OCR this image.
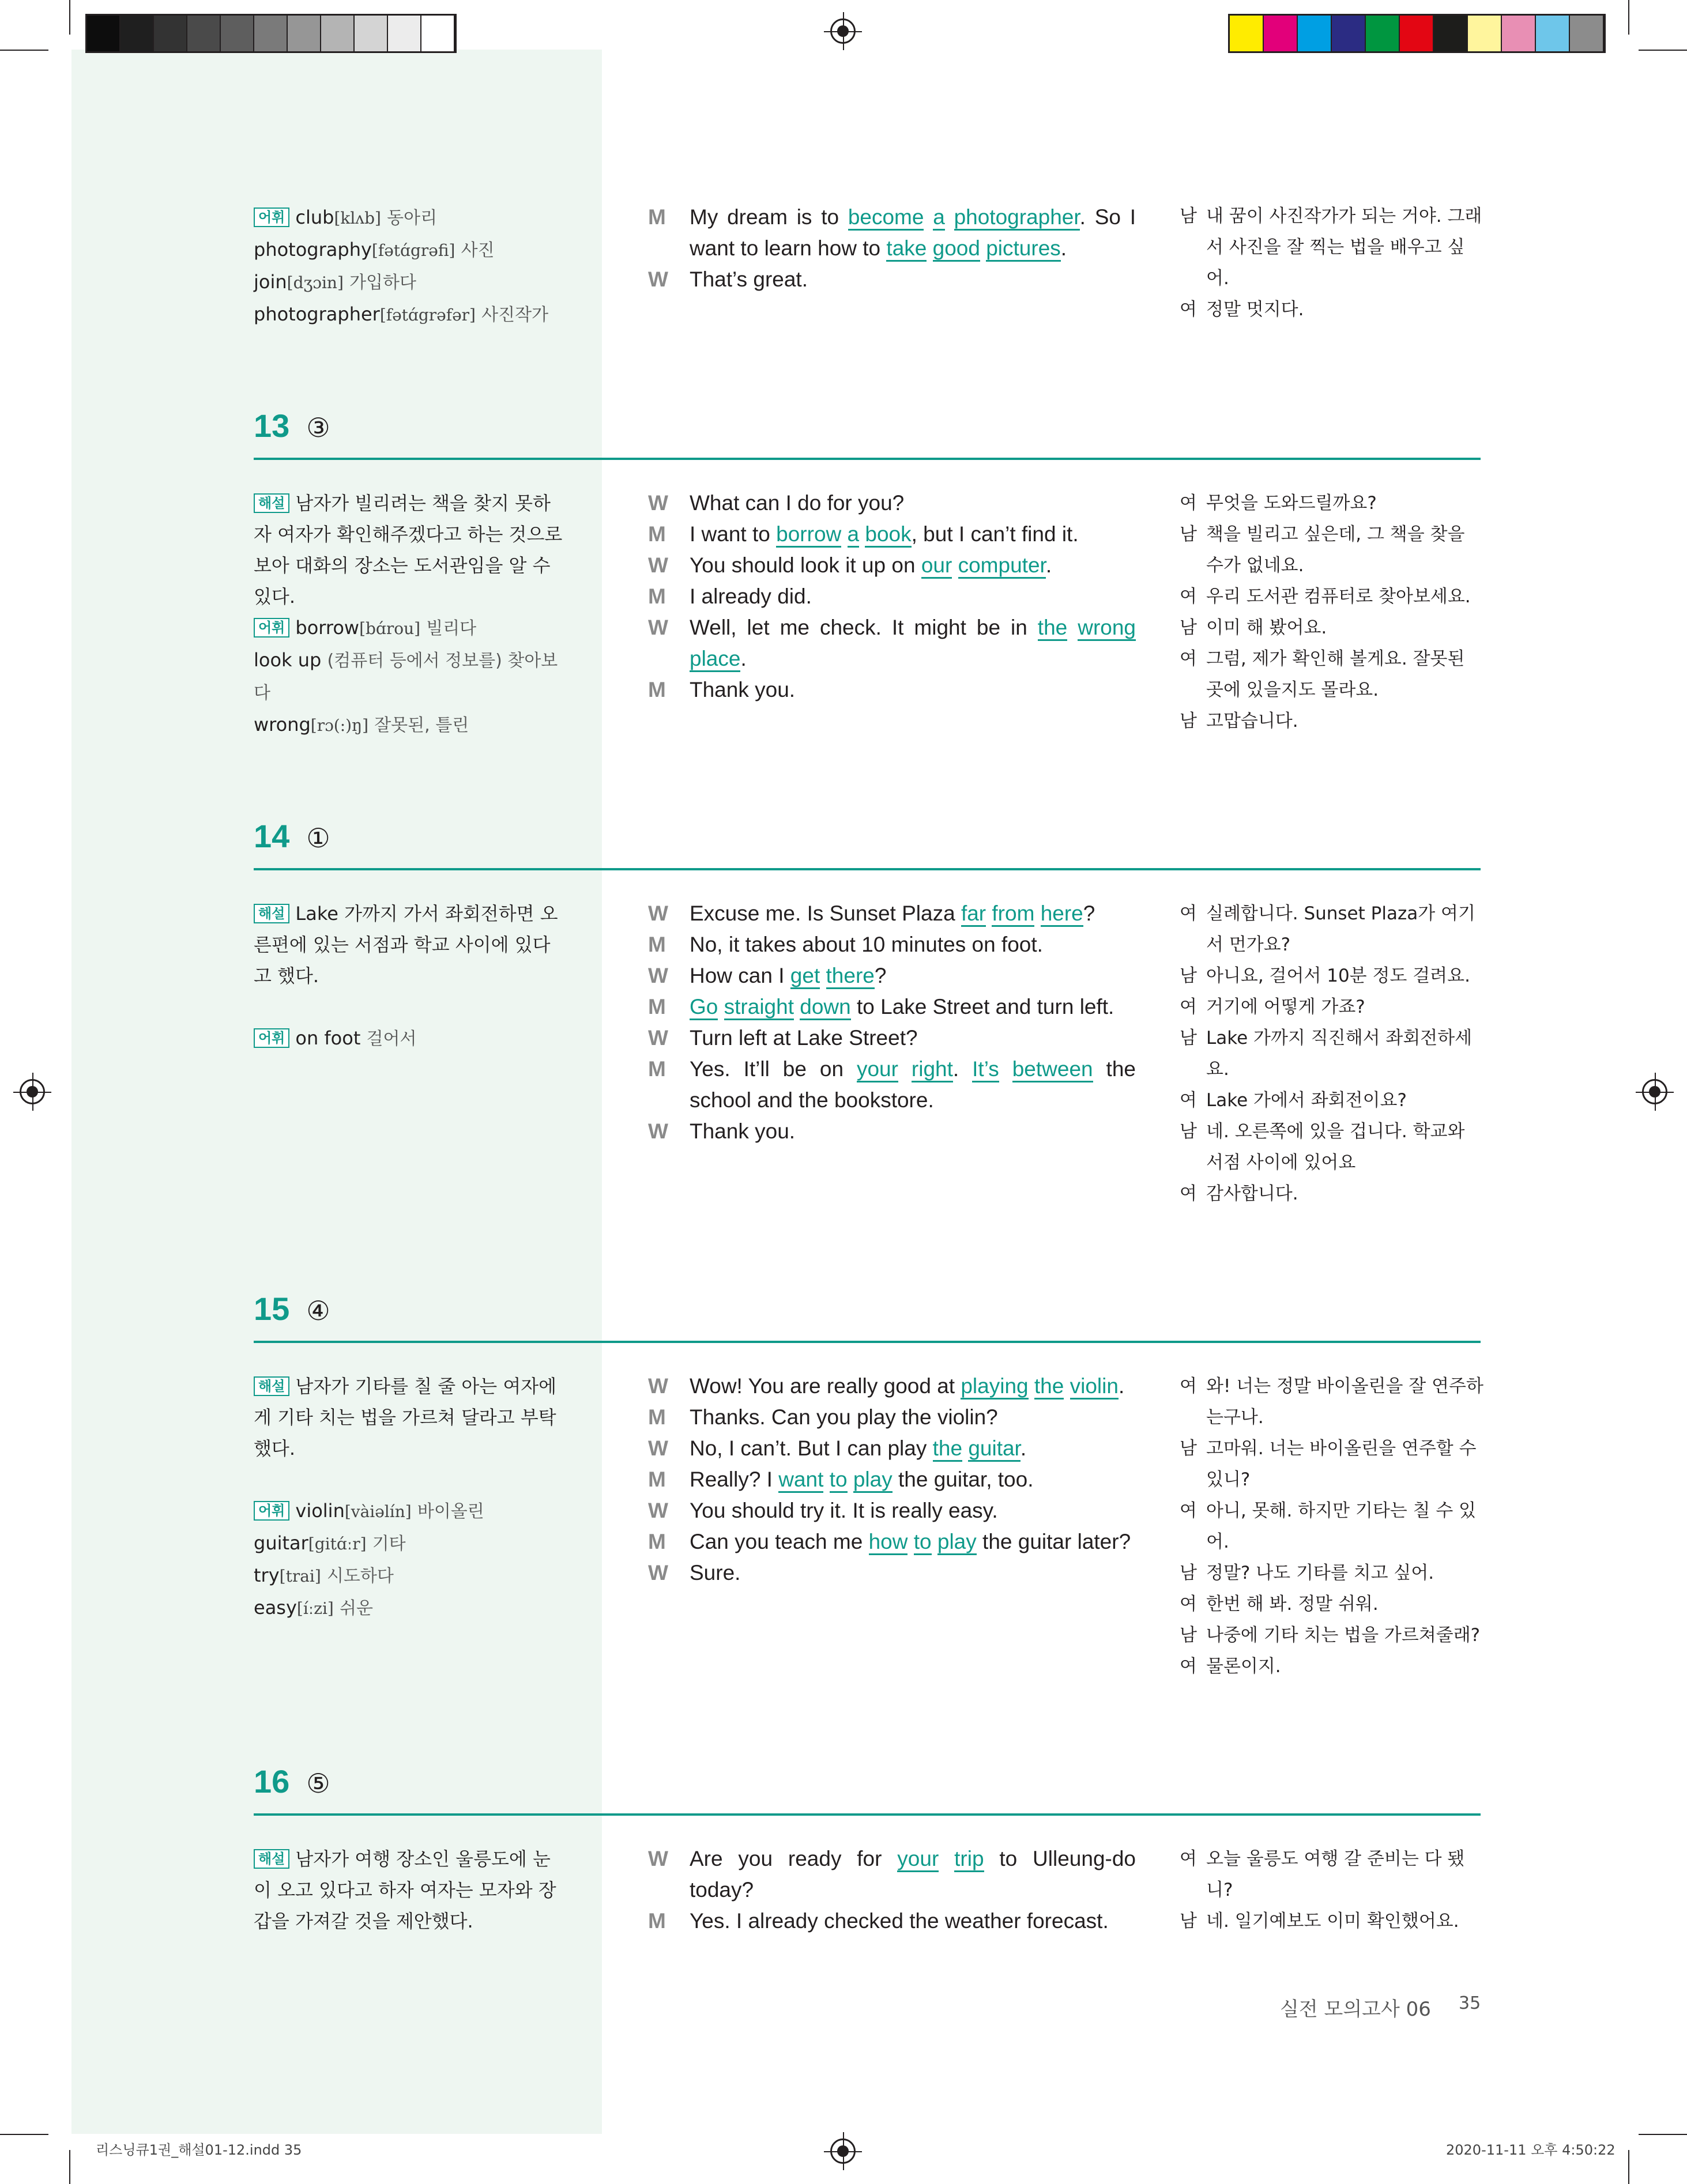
어휘 club[klʌb] 동아리
photography[fətɑ́grəfi] 사진
join[dʒɔin] 가입하다
photographer[fətɑ́grəfər] 사진작가
M	My dream is to become a photographer. So I want to learn how to take good pictures.
W	That’s great.
남 내 꿈이 사진작가가 되는 거야. 그래서 사진을 잘 찍는 법을 배우고 싶어.
여 정말 멋지다.
13 ③
해설 남자가 빌리려는 책을 찾지 못하자 여자가 확인해주겠다고 하는 것으로 보아 대화의 장소는 도서관임을 알 수 있다.
어휘 borrow[bɑ́rou] 빌리다
look up (컴퓨터 등에서 정보를) 찾아보다
wrong[rɔ(:)ŋ] 잘못된, 틀린
W	What can I do for you?
M	I want to borrow a book, but I can’t find it.
W	You should look it up on our computer.
M	I already did.
W	Well, let me check. It might be in the wrong place.
M	Thank you.
여 무엇을 도와드릴까요?
남 책을 빌리고 싶은데, 그 책을 찾을 수가 없네요.
여 우리 도서관 컴퓨터로 찾아보세요.
남 이미 해 봤어요.
여 그럼, 제가 확인해 볼게요. 잘못된 곳에 있을지도 몰라요.
남 고맙습니다.
14 ①
해설 Lake 가까지 가서 좌회전하면 오른편에 있는 서점과 학교 사이에 있다고 했다.
어휘 on foot 걸어서
W	Excuse me. Is Sunset Plaza far from here?
M	No, it takes about 10 minutes on foot.
W	How can I get there?
M	Go straight down to Lake Street and turn left.
W	Turn left at Lake Street?
M	Yes. It’ll be on your right. It’s between the school and the bookstore.
W	Thank you.
여 실례합니다. Sunset Plaza가 여기서 먼가요?
남 아니요, 걸어서 10분 정도 걸려요.
여 거기에 어떻게 가죠?
남 Lake 가까지 직진해서 좌회전하세요.
여 Lake 가에서 좌회전이요?
남 네. 오른쪽에 있을 겁니다. 학교와 서점 사이에 있어요
여 감사합니다.
15 ④
해설 남자가 기타를 칠 줄 아는 여자에게 기타 치는 법을 가르쳐 달라고 부탁했다.
어휘 violin[vàiəlín] 바이올린
guitar[gitɑ́ːr] 기타
try[trai] 시도하다
easy[íːzi] 쉬운
W	Wow! You are really good at playing the violin.
M	Thanks. Can you play the violin?
W	No, I can’t. But I can play the guitar.
M	Really? I want to play the guitar, too.
W	You should try it. It is really easy.
M	Can you teach me how to play the guitar later?
W	Sure.
여 와! 너는 정말 바이올린을 잘 연주하는구나.
남 고마워. 너는 바이올린을 연주할 수 있니?
여 아니, 못해. 하지만 기타는 칠 수 있어.
남 정말? 나도 기타를 치고 싶어.
여 한번 해 봐. 정말 쉬워.
남 나중에 기타 치는 법을 가르쳐줄래?
여 물론이지.
16 ⑤
해설 남자가 여행 장소인 울릉도에 눈이 오고 있다고 하자 여자는 모자와 장갑을 가져갈 것을 제안했다.
W	Are you ready for your trip to Ulleung-do today?
M	Yes. I already checked the weather forecast.
여 오늘 울릉도 여행 갈 준비는 다 됐니?
남 네. 일기예보도 이미 확인했어요.
실전 모의고사 06 35
리스닝큐1권_해설01-12.indd 35	2020-11-11 오후 4:50:22
